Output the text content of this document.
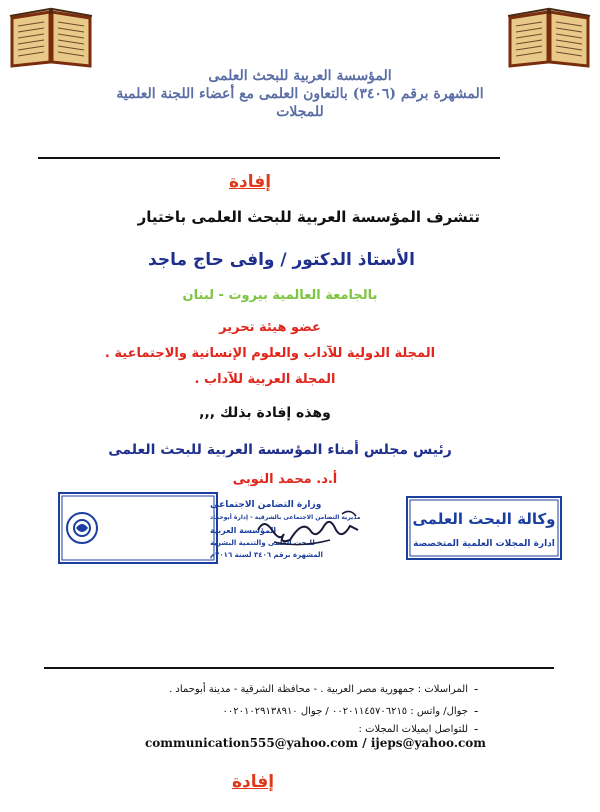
المؤسسة العربية للبحث العلمى
المشهرة برقم (٣٤٠٦) بالتعاون العلمى مع أعضاء اللجنة العلمية
للمجلات
إفادة
تتشرف المؤسسة العربية للبحث العلمى باختيار
الأستاذ الدكتور / وافى حاج ماجد
بالجامعة العالمية بيروت - لبنان
عضو هيئة تحرير
المجلة الدولية للآداب والعلوم الإنسانية والاجتماعية .
المجلة العربية للآداب .
وهذه إفادة بذلك ,,,
رئيس مجلس أمناء المؤسسة العربية للبحث العلمى
أ.د. محمد النوبى
وزارة التضامن الاجتماعى
مديرية التضامن الاجتماعى بالشرقية - إدارة أبوحماد
المؤسسة العربية
للبحث العلمى والتنمية البشرية
المشهرة برقم ٣٤٠٦ لسنة ٢٠١٦م
وكالة البحث العلمى
ادارة المجلات العلمية المتخصصة
-
-
-
المراسلات : جمهورية مصر العربية . - محافظة الشرقية - مدينة أبوحماد .
جوال/ واتس : ٠٠٢٠١١٤٥٧٠٦٢١٥ / جوال ٠٠٢٠١٠٢٩١٣٨٩١٠
للتواصل ايميلات المجلات :
communication555@yahoo.com / ijeps@yahoo.com
إفادة
